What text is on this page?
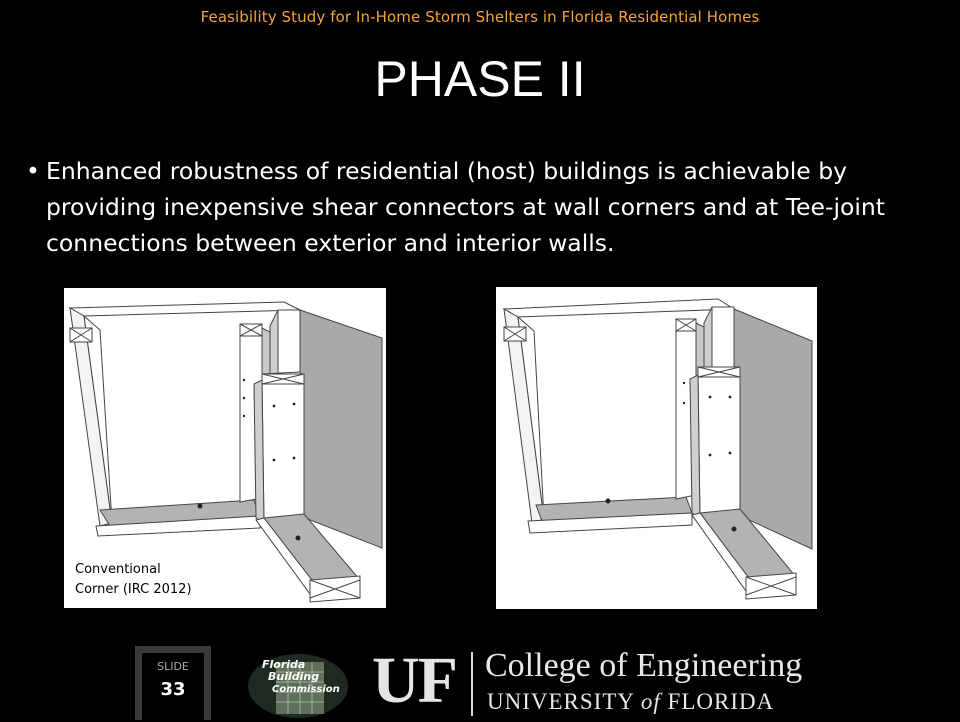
Feasibility Study for In-Home Storm Shelters in Florida Residential Homes
PHASE II
• Enhanced robustness of residential (host) buildings is achievable by providing inexpensive shear connectors at wall corners and at Tee-joint connections between exterior and interior walls.
Conventional
Corner (IRC 2012)
SLIDE
33
Florida
Building
Commission UF College of Engineering
UNIVERSITY of FLORIDA
